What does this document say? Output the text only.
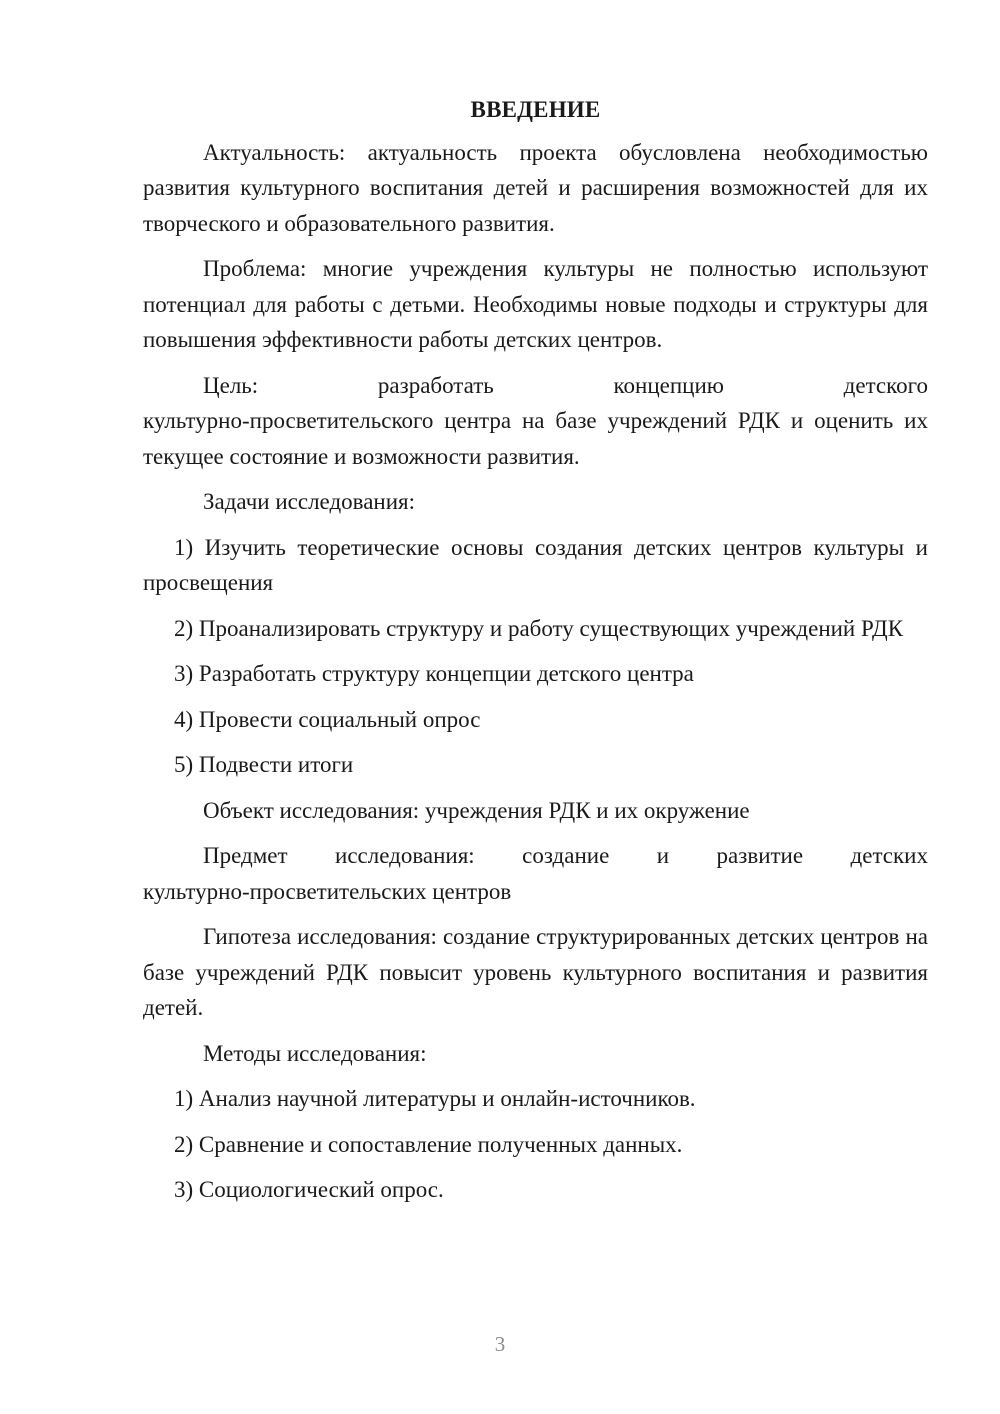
ВВЕДЕНИЕ

Актуальность: актуальность проекта обусловлена необходимостью развития культурного воспитания детей и расширения возможностей для их творческого и образовательного развития.

Проблема: многие учреждения культуры не полностью используют потенциал для работы с детьми. Необходимы новые подходы и структуры для повышения эффективности работы детских центров.

Цель: разработать концепцию детского

культурно-просветительского центра на базе учреждений РДК и оценить их текущее состояние и возможности развития.

Задачи исследования:

1) Изучить теоретические основы создания детских центров культуры и просвещения

2) Проанализировать структуру и работу существующих учреждений РДК

3) Разработать структуру концепции детского центра

4) Провести социальный опрос

5) Подвести итоги

Объект исследования: учреждения РДК и их окружение

Предмет исследования: создание и развитие детских

культурно-просветительских центров

Гипотеза исследования: создание структурированных детских центров на базе учреждений РДК повысит уровень культурного воспитания и развития детей.

Методы исследования:

1) Анализ научной литературы и онлайн-источников.

2) Сравнение и сопоставление полученных данных.

3) Социологический опрос.

3
